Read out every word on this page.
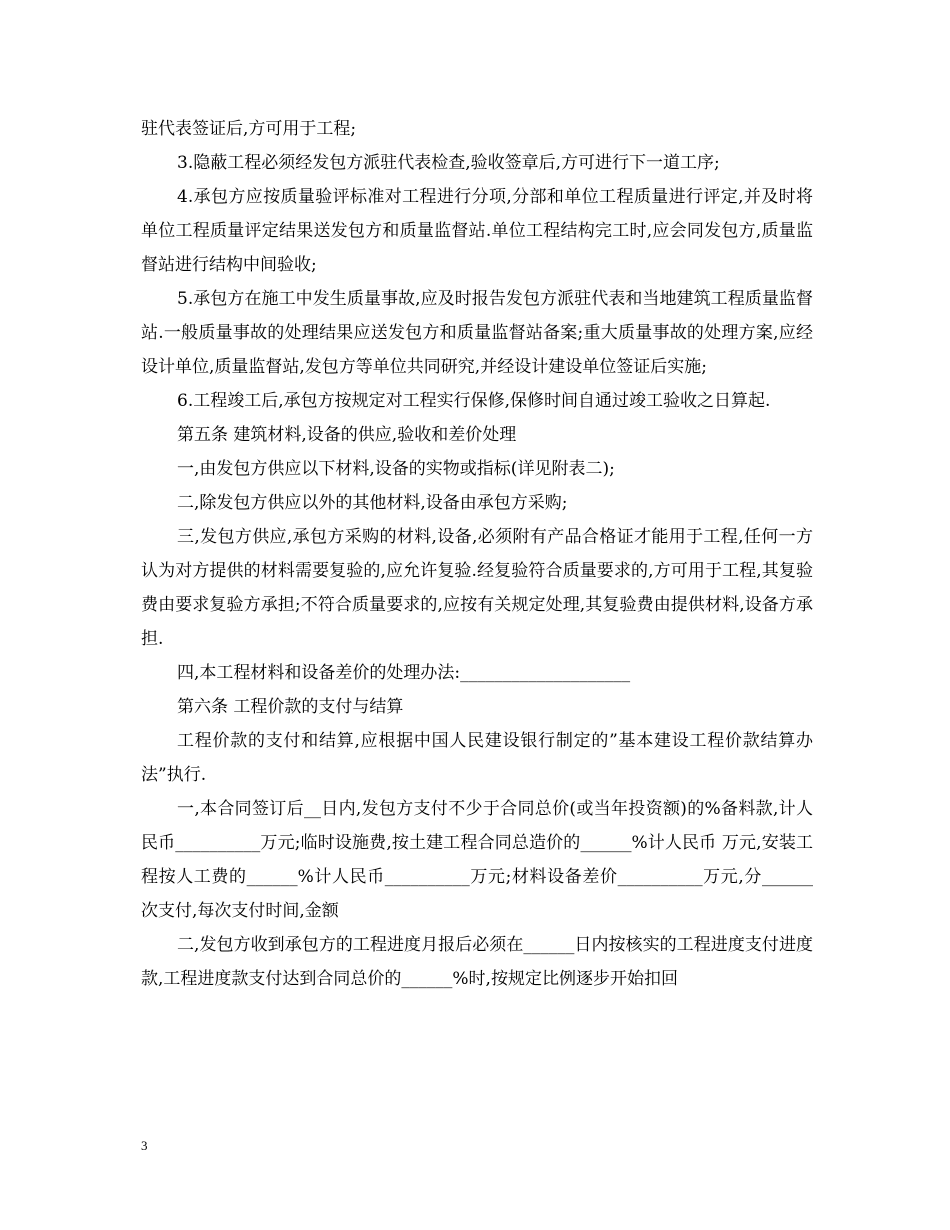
驻代表签证后,方可用于工程;

3.隐蔽工程必须经发包方派驻代表检查,验收签章后,方可进行下一道工序;

4.承包方应按质量验评标准对工程进行分项,分部和单位工程质量进行评定,并及时将单位工程质量评定结果送发包方和质量监督站.单位工程结构完工时,应会同发包方,质量监督站进行结构中间验收;

5.承包方在施工中发生质量事故,应及时报告发包方派驻代表和当地建筑工程质量监督站.一般质量事故的处理结果应送发包方和质量监督站备案;重大质量事故的处理方案,应经设计单位,质量监督站,发包方等单位共同研究,并经设计建设单位签证后实施;

6.工程竣工后,承包方按规定对工程实行保修,保修时间自通过竣工验收之日算起.

第五条 建筑材料,设备的供应,验收和差价处理

一,由发包方供应以下材料,设备的实物或指标(详见附表二);

二,除发包方供应以外的其他材料,设备由承包方采购;

三,发包方供应,承包方采购的材料,设备,必须附有产品合格证才能用于工程,任何一方认为对方提供的材料需要复验的,应允许复验.经复验符合质量要求的,方可用于工程,其复验费由要求复验方承担;不符合质量要求的,应按有关规定处理,其复验费由提供材料,设备方承担.

四,本工程材料和设备差价的处理办法:____________________

第六条 工程价款的支付与结算

工程价款的支付和结算,应根据中国人民建设银行制定的”基本建设工程价款结算办法”执行.

一,本合同签订后__日内,发包方支付不少于合同总价(或当年投资额)的%备料款,计人民币__________万元;临时设施费,按土建工程合同总造价的______%计人民币 万元,安装工程按人工费的______%计人民币__________万元;材料设备差价__________万元,分______次支付,每次支付时间,金额

二,发包方收到承包方的工程进度月报后必须在______日内按核实的工程进度支付进度款,工程进度款支付达到合同总价的______%时,按规定比例逐步开始扣回

3
